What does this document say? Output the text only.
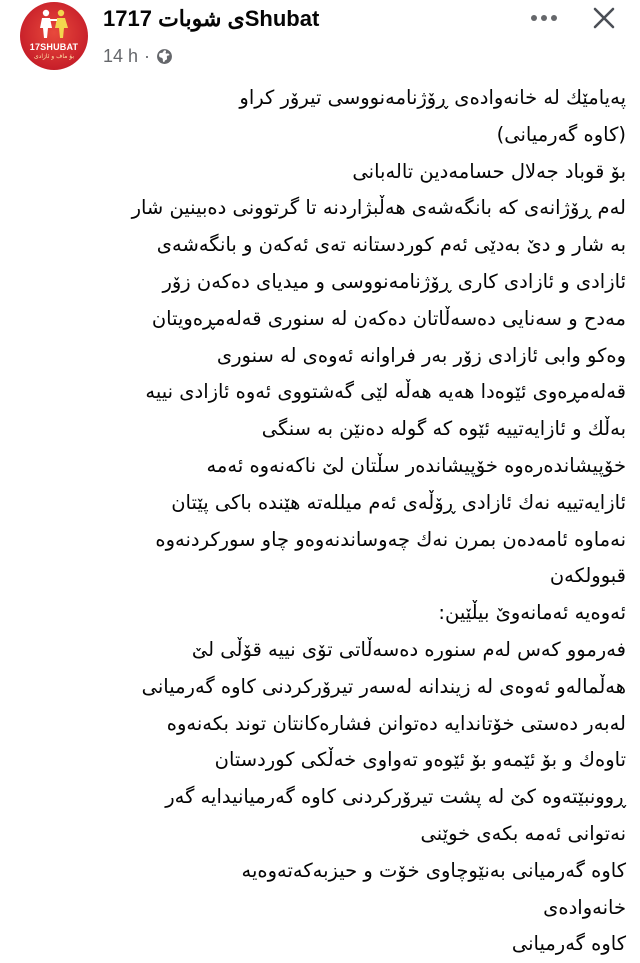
17SHUBAT
بۆ ماف و ئازادی
17ی شوبات 17Shubat
14 h ·
پەیامێك لە خانەوادەی ڕۆژنامەنووسی تیرۆر کراو
(کاوە گەرمیانی)
بۆ قوباد جەلال حسامەدین تالەبانی
لەم ڕۆژانەی کە بانگەشەی هەڵبژاردنە تا گرتوونی دەبینین شار
بە شار و دێ بەدێی ئەم کوردستانە تەی ئەکەن و بانگەشەی
ئازادی و ئازادی کاری ڕۆژنامەنووسی و میدیای دەکەن زۆر
مەدح و سەنایی دەسەڵاتان دەکەن لە سنوری قەلەمڕەویتان
وەکو وابی ئازادی زۆر بەر فراوانە ئەوەی لە سنوری
قەلەمڕەوی ئێوەدا هەیە هەڵە لێی گەشتووی ئەوە ئازادی نییە
بەڵك و ئازایەتییە ئێوە کە گولە دەنێن بە سنگی
خۆپیشاندەرەوە خۆپیشاندەر سڵتان لێ ناکەنەوە ئەمە
ئازایەتییە نەك ئازادی ڕۆڵەی ئەم میللەتە هێندە باکی پێتان
نەماوە ئامەدەن بمرن نەك چەوساندنەوەو چاو سورکردنەوە
قبوولکەن
ئەوەیە ئەمانەوێ بیڵێین:
فەرموو کەس لەم سنورە دەسەڵاتی تۆی نییە قۆڵی لێ
هەڵمالەو ئەوەی لە زیندانە لەسەر تیرۆرکردنی کاوە گەرمیانی
لەبەر دەستی خۆتاندایە دەتوانن فشارەکانتان توند بکەنەوە
تاوەك و بۆ ئێمەو بۆ ئێوەو تەواوی خەڵکی کوردستان
ڕوونبێتەوە کێ لە پشت تیرۆرکردنی کاوە گەرمیانیدایە گەر
نەتوانی ئەمە بکەی خوێنی
کاوە گەرمیانی بەنێوچاوی خۆت و حیزبەکەتەوەیە
خانەوادەی
کاوە گەرمیانی
